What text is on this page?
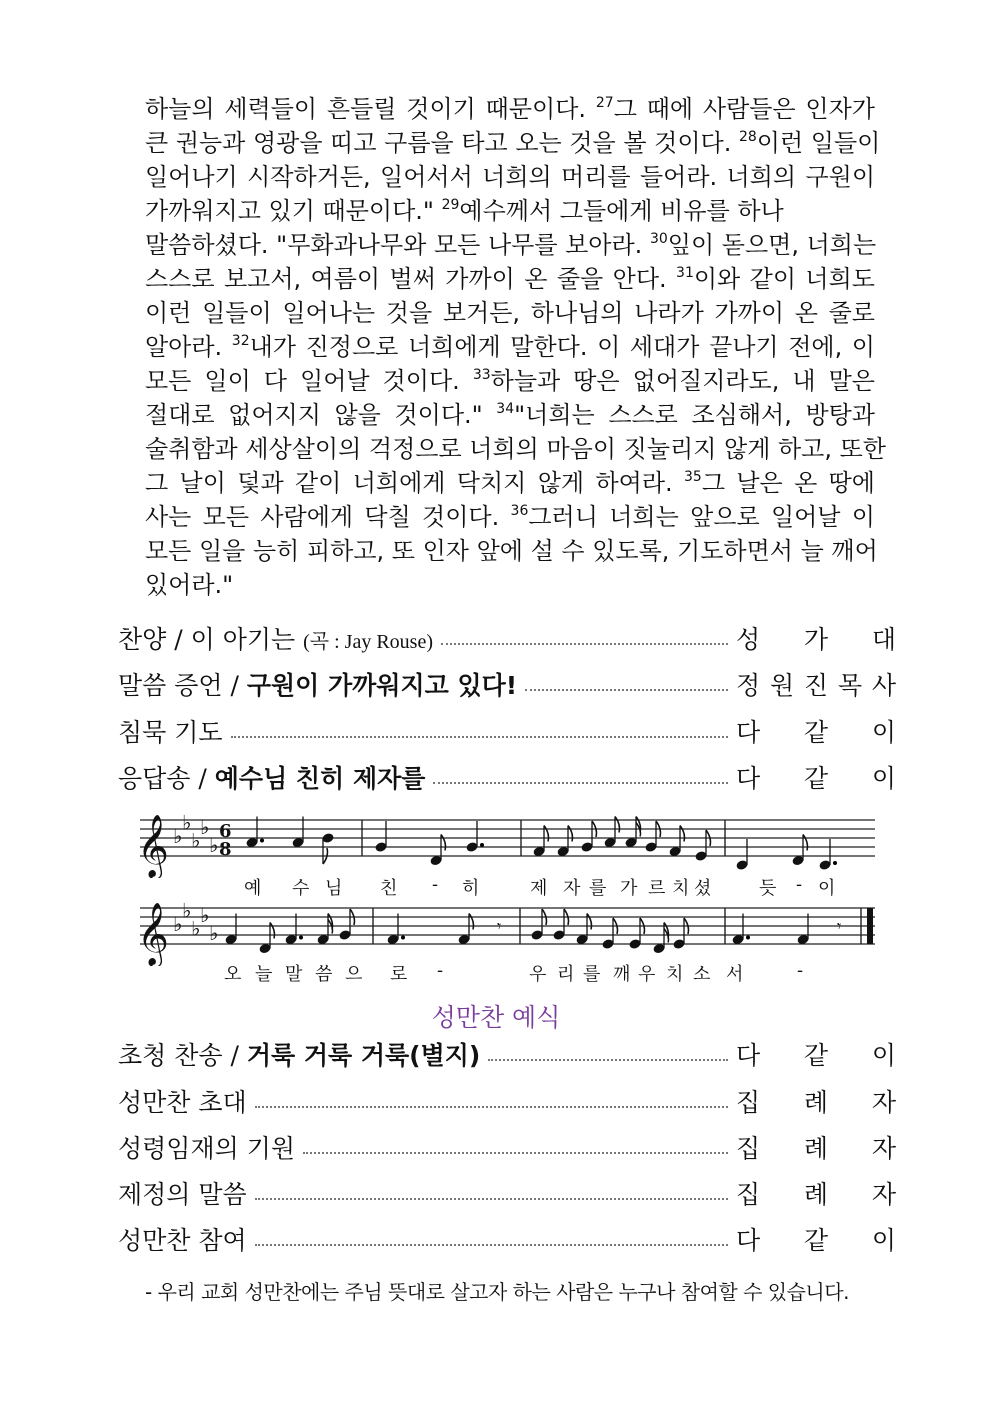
하늘의 세력들이 흔들릴 것이기 때문이다. $^{27}$그 때에 사람들은 인자가
큰 권능과 영광을 띠고 구름을 타고 오는 것을 볼 것이다. $^{28}$이런 일들이
일어나기 시작하거든, 일어서서 너희의 머리를 들어라. 너희의 구원이
가까워지고 있기 때문이다." $^{29}$예수께서 그들에게 비유를 하나
말씀하셨다. "무화과나무와 모든 나무를 보아라. $^{30}$잎이 돋으면, 너희는
스스로 보고서, 여름이 벌써 가까이 온 줄을 안다. $^{31}$이와 같이 너희도
이런 일들이 일어나는 것을 보거든, 하나님의 나라가 가까이 온 줄로
알아라. $^{32}$내가 진정으로 너희에게 말한다. 이 세대가 끝나기 전에, 이
모든 일이 다 일어날 것이다. $^{33}$하늘과 땅은 없어질지라도, 내 말은
절대로 없어지지 않을 것이다." $^{34}$"너희는 스스로 조심해서, 방탕과
술취함과 세상살이의 걱정으로 너희의 마음이 짓눌리지 않게 하고, 또한
그 날이 덫과 같이 너희에게 닥치지 않게 하여라. $^{35}$그 날은 온 땅에
사는 모든 사람에게 닥칠 것이다. $^{36}$그러니 너희는 앞으로 일어날 이
모든 일을 능히 피하고, 또 인자 앞에 설 수 있도록, 기도하면서 늘 깨어
있어라."
찬양 / 이 아기는 (곡 : Jay Rouse)	성 가 대
말씀 증언 / 구원이 가까워지고 있다!	정 원 진 목 사
침묵 기도	다 같 이
응답송 / 예수님 친히 제자를	다 같 이
𝄞 ♭
♭
♭
♭
♭
6
8
예 수 님 친 - 히	제 자 를 가 르 치 셨	듯 - 이
𝄞 ♭
♭
♭
♭
♭	𝄾	𝄾
오 늘 말 씀 으 로 -	우 리 를 깨 우 치 소 서	-
성만찬 예식
초청 찬송 / 거룩 거룩 거룩(별지)	다 같 이
성만찬 초대	집 례 자
성령임재의 기원	집 례 자
제정의 말씀	집 례 자
성만찬 참여	다 같 이
- 우리 교회 성만찬에는 주님 뜻대로 살고자 하는 사람은 누구나 참여할 수 있습니다.
